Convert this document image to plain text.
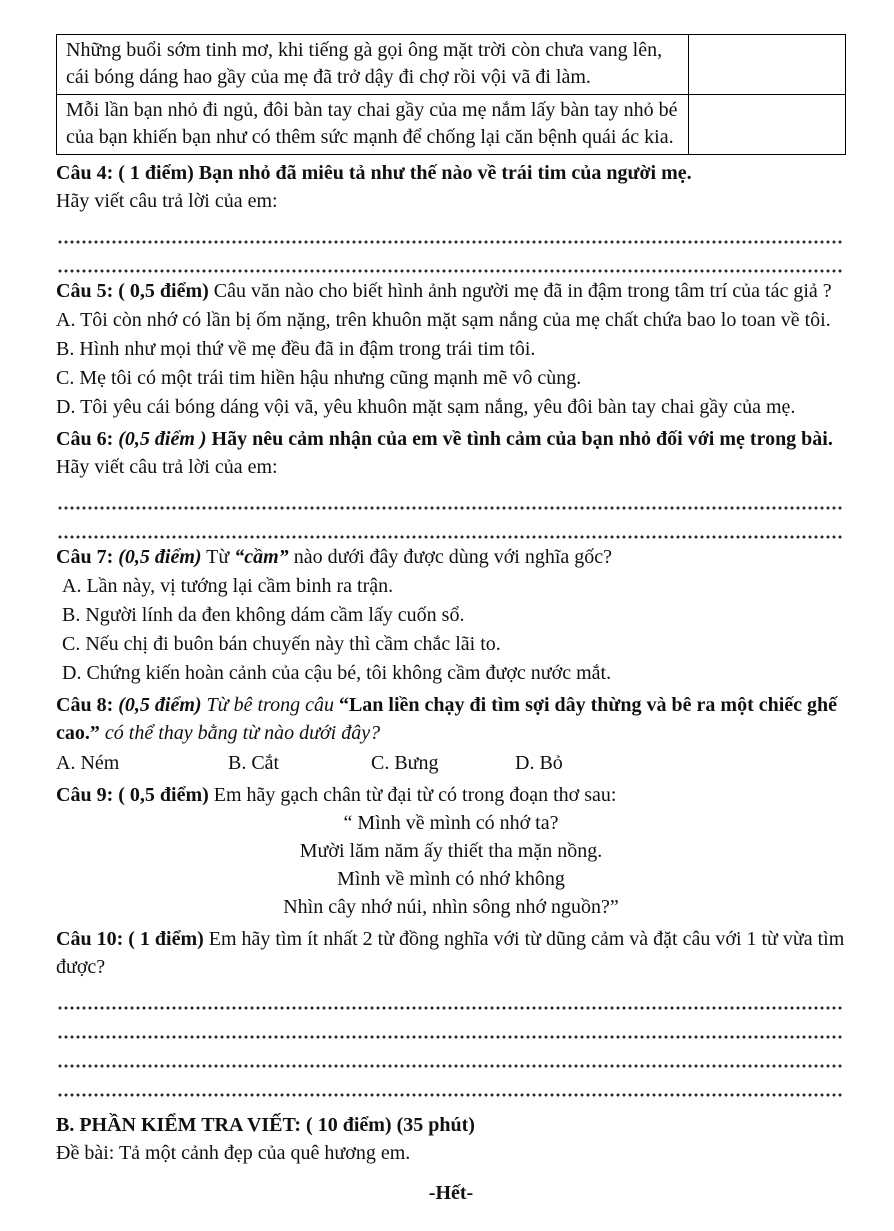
Những buổi sớm tinh mơ, khi tiếng gà gọi ông mặt trời còn chưa vang lên, cái bóng dáng hao gầy của mẹ đã trở dậy đi chợ rồi vội vã đi làm.	
Mỗi lần bạn nhỏ đi ngủ, đôi bàn tay chai gầy của mẹ nắm lấy bàn tay nhỏ bé của bạn khiến bạn như có thêm sức mạnh để chống lại căn bệnh quái ác kia.	
Câu 4: ( 1 điểm) Bạn nhỏ đã miêu tả như thế nào về trái tim của người mẹ.
Hãy viết câu trả lời của em:
Câu 5: ( 0,5 điểm) Câu văn nào cho biết hình ảnh người mẹ đã in đậm trong tâm trí của tác giả ?
A. Tôi còn nhớ có lần bị ốm nặng, trên khuôn mặt sạm nắng của mẹ chất chứa bao lo toan về tôi.
B. Hình như mọi thứ về mẹ đều đã in đậm trong trái tim tôi.
C. Mẹ tôi có một trái tim hiền hậu nhưng cũng mạnh mẽ vô cùng.
D. Tôi yêu cái bóng dáng vội vã, yêu khuôn mặt sạm nắng, yêu đôi bàn tay chai gầy của mẹ.
Câu 6: (0,5 điểm ) Hãy nêu cảm nhận của em về tình cảm của bạn nhỏ đối với mẹ trong bài.
Hãy viết câu trả lời của em:
Câu 7: (0,5 điểm) Từ “cầm” nào dưới đây được dùng với nghĩa gốc?
A. Lần này, vị tướng lại cầm binh ra trận.
B. Người lính da đen không dám cầm lấy cuốn sổ.
C. Nếu chị đi buôn bán chuyến này thì cầm chắc lãi to.
D. Chứng kiến hoàn cảnh của cậu bé, tôi không cầm được nước mắt.
Câu 8: (0,5 điểm) Từ bê trong câu “Lan liền chạy đi tìm sợi dây thừng và bê ra một chiếc ghế cao.” có thể thay bằng từ nào dưới đây?
A. Ném	B. Cắt	C. Bưng	D. Bỏ
Câu 9: ( 0,5 điểm) Em hãy gạch chân từ đại từ có trong đoạn thơ sau:
“ Mình về mình có nhớ ta?
Mười lăm năm ấy thiết tha mặn nồng.
Mình về mình có nhớ không
Nhìn cây nhớ núi, nhìn sông nhớ nguồn?”
Câu 10: ( 1 điểm) Em hãy tìm ít nhất 2 từ đồng nghĩa với từ dũng cảm và đặt câu với 1 từ vừa tìm được?
B. PHẦN KIỂM TRA VIẾT: ( 10 điểm) (35 phút)
Đề bài: Tả một cảnh đẹp của quê hương em.
-Hết-
